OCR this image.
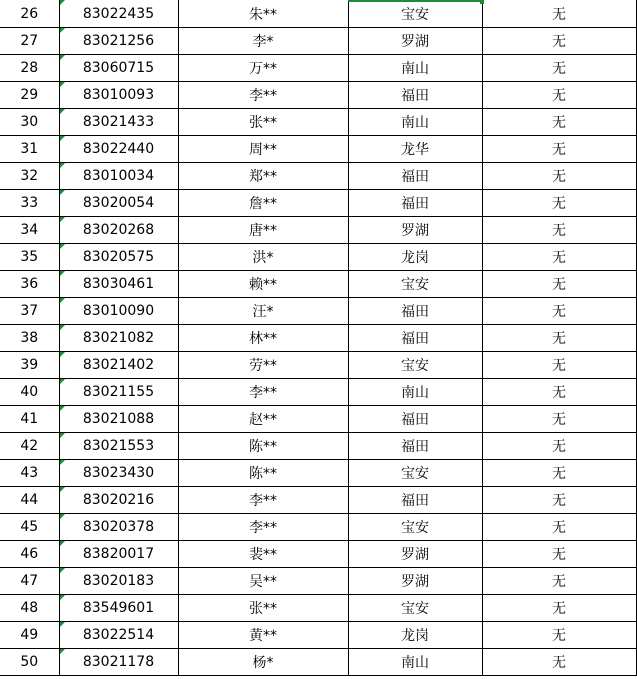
26	83022435	朱**	宝安	无	
27	83021256	李*	罗湖	无	
28	83060715	万**	南山	无	
29	83010093	李**	福田	无	
30	83021433	张**	南山	无	
31	83022440	周**	龙华	无	
32	83010034	郑**	福田	无	
33	83020054	詹**	福田	无	
34	83020268	唐**	罗湖	无	
35	83020575	洪*	龙岗	无	
36	83030461	赖**	宝安	无	
37	83010090	汪*	福田	无	
38	83021082	林**	福田	无	
39	83021402	劳**	宝安	无	
40	83021155	李**	南山	无	
41	83021088	赵**	福田	无	
42	83021553	陈**	福田	无	
43	83023430	陈**	宝安	无	
44	83020216	李**	福田	无	
45	83020378	李**	宝安	无	
46	83820017	裴**	罗湖	无	
47	83020183	吴**	罗湖	无	
48	83549601	张**	宝安	无	
49	83022514	黄**	龙岗	无	
50	83021178	杨*	南山	无	
